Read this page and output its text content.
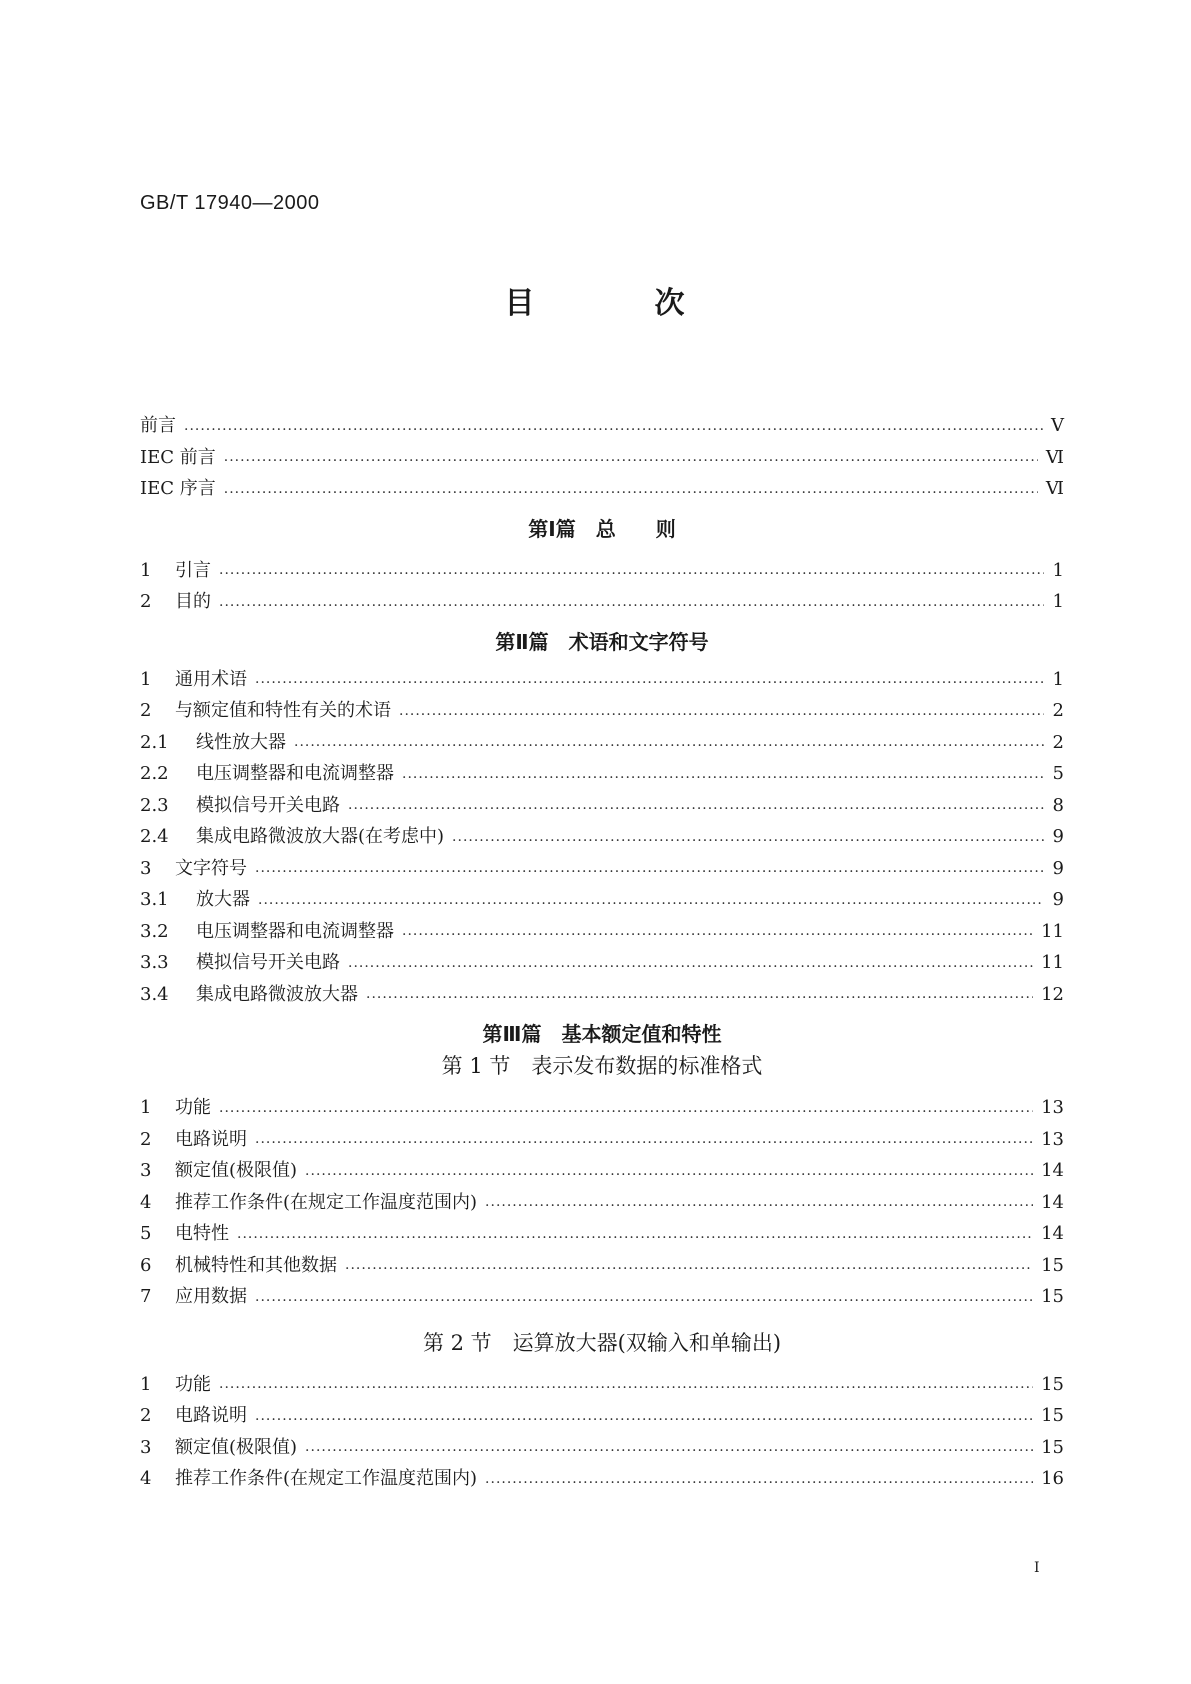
GB/T 17940—2000
目	次
前言 ·····	Ⅴ
IEC 前言 ·····	Ⅵ
IEC 序言 ·····	Ⅵ
第Ⅰ篇　总　　则
1	引言 ·····	1
2	目的 ·····	1
第Ⅱ篇　术语和文字符号
1	通用术语 ·····	1
2	与额定值和特性有关的术语 ·····	2
2.1	线性放大器 ·····	2
2.2	电压调整器和电流调整器 ·····	5
2.3	模拟信号开关电路 ·····	8
2.4	集成电路微波放大器(在考虑中) ·····	9
3	文字符号 ·····	9
3.1	放大器 ·····	9
3.2	电压调整器和电流调整器 ·····	11
3.3	模拟信号开关电路 ·····	11
3.4	集成电路微波放大器 ·····	12
第Ⅲ篇　基本额定值和特性
第 1 节　表示发布数据的标准格式
1	功能 ·····	13
2	电路说明 ·····	13
3	额定值(极限值) ·····	14
4	推荐工作条件(在规定工作温度范围内) ·····	14
5	电特性 ·····	14
6	机械特性和其他数据 ·····	15
7	应用数据 ·····	15
第 2 节　运算放大器(双输入和单输出)
1	功能 ·····	15
2	电路说明 ·····	15
3	额定值(极限值) ·····	15
4	推荐工作条件(在规定工作温度范围内) ·····	16
Ⅰ
